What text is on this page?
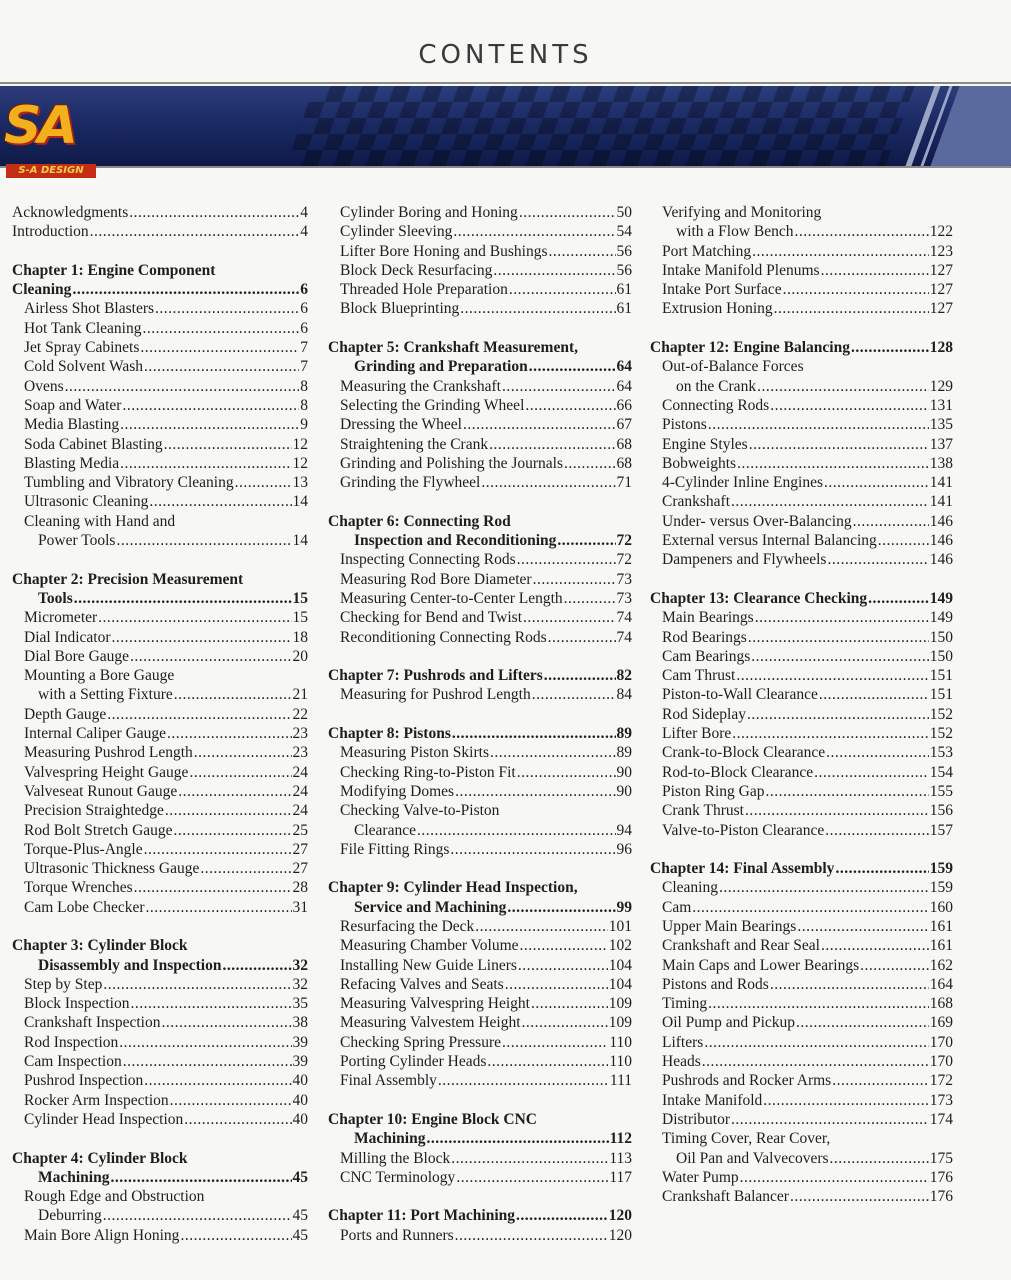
CONTENTS
SA
S-A DESIGN
Acknowledgments .....	4
Introduction .....	4
Chapter 1: Engine Component
Cleaning .....	6
Airless Shot Blasters .....	6
Hot Tank Cleaning .....	6
Jet Spray Cabinets .....	7
Cold Solvent Wash .....	7
Ovens .....	8
Soap and Water .....	8
Media Blasting .....	9
Soda Cabinet Blasting .....	12
Blasting Media .....	12
Tumbling and Vibratory Cleaning .....	13
Ultrasonic Cleaning .....	14
Cleaning with Hand and
Power Tools .....	14
Chapter 2: Precision Measurement
Tools .....	15
Micrometer .....	15
Dial Indicator .....	18
Dial Bore Gauge .....	20
Mounting a Bore Gauge
with a Setting Fixture .....	21
Depth Gauge .....	22
Internal Caliper Gauge .....	23
Measuring Pushrod Length .....	23
Valvespring Height Gauge .....	24
Valveseat Runout Gauge .....	24
Precision Straightedge .....	24
Rod Bolt Stretch Gauge .....	25
Torque-Plus-Angle .....	27
Ultrasonic Thickness Gauge .....	27
Torque Wrenches .....	28
Cam Lobe Checker .....	31
Chapter 3: Cylinder Block
Disassembly and Inspection .....	32
Step by Step .....	32
Block Inspection .....	35
Crankshaft Inspection .....	38
Rod Inspection .....	39
Cam Inspection .....	39
Pushrod Inspection .....	40
Rocker Arm Inspection .....	40
Cylinder Head Inspection .....	40
Chapter 4: Cylinder Block
Machining .....	45
Rough Edge and Obstruction
Deburring .....	45
Main Bore Align Honing .....	45
Cylinder Boring and Honing .....	50
Cylinder Sleeving .....	54
Lifter Bore Honing and Bushings .....	56
Block Deck Resurfacing .....	56
Threaded Hole Preparation .....	61
Block Blueprinting .....	61
Chapter 5: Crankshaft Measurement,
Grinding and Preparation .....	64
Measuring the Crankshaft .....	64
Selecting the Grinding Wheel .....	66
Dressing the Wheel .....	67
Straightening the Crank .....	68
Grinding and Polishing the Journals .....	68
Grinding the Flywheel .....	71
Chapter 6: Connecting Rod
Inspection and Reconditioning .....	72
Inspecting Connecting Rods .....	72
Measuring Rod Bore Diameter .....	73
Measuring Center-to-Center Length .....	73
Checking for Bend and Twist .....	74
Reconditioning Connecting Rods .....	74
Chapter 7: Pushrods and Lifters .....	82
Measuring for Pushrod Length .....	84
Chapter 8: Pistons .....	89
Measuring Piston Skirts .....	89
Checking Ring-to-Piston Fit .....	90
Modifying Domes .....	90
Checking Valve-to-Piston
Clearance .....	94
File Fitting Rings .....	96
Chapter 9: Cylinder Head Inspection,
Service and Machining .....	99
Resurfacing the Deck .....	101
Measuring Chamber Volume .....	102
Installing New Guide Liners .....	104
Refacing Valves and Seats .....	104
Measuring Valvespring Height .....	109
Measuring Valvestem Height .....	109
Checking Spring Pressure .....	110
Porting Cylinder Heads .....	110
Final Assembly .....	111
Chapter 10: Engine Block CNC
Machining .....	112
Milling the Block .....	113
CNC Terminology .....	117
Chapter 11: Port Machining .....	120
Ports and Runners .....	120
Verifying and Monitoring
with a Flow Bench .....	122
Port Matching .....	123
Intake Manifold Plenums .....	127
Intake Port Surface .....	127
Extrusion Honing .....	127
Chapter 12: Engine Balancing .....	128
Out-of-Balance Forces
on the Crank .....	129
Connecting Rods .....	131
Pistons .....	135
Engine Styles .....	137
Bobweights .....	138
4-Cylinder Inline Engines .....	141
Crankshaft .....	141
Under- versus Over-Balancing .....	146
External versus Internal Balancing .....	146
Dampeners and Flywheels .....	146
Chapter 13: Clearance Checking .....	149
Main Bearings .....	149
Rod Bearings .....	150
Cam Bearings .....	150
Cam Thrust .....	151
Piston-to-Wall Clearance .....	151
Rod Sideplay .....	152
Lifter Bore .....	152
Crank-to-Block Clearance .....	153
Rod-to-Block Clearance .....	154
Piston Ring Gap .....	155
Crank Thrust .....	156
Valve-to-Piston Clearance .....	157
Chapter 14: Final Assembly .....	159
Cleaning .....	159
Cam .....	160
Upper Main Bearings .....	161
Crankshaft and Rear Seal .....	161
Main Caps and Lower Bearings .....	162
Pistons and Rods .....	164
Timing .....	168
Oil Pump and Pickup .....	169
Lifters .....	170
Heads .....	170
Pushrods and Rocker Arms .....	172
Intake Manifold .....	173
Distributor .....	174
Timing Cover, Rear Cover,
Oil Pan and Valvecovers .....	175
Water Pump .....	176
Crankshaft Balancer .....	176
